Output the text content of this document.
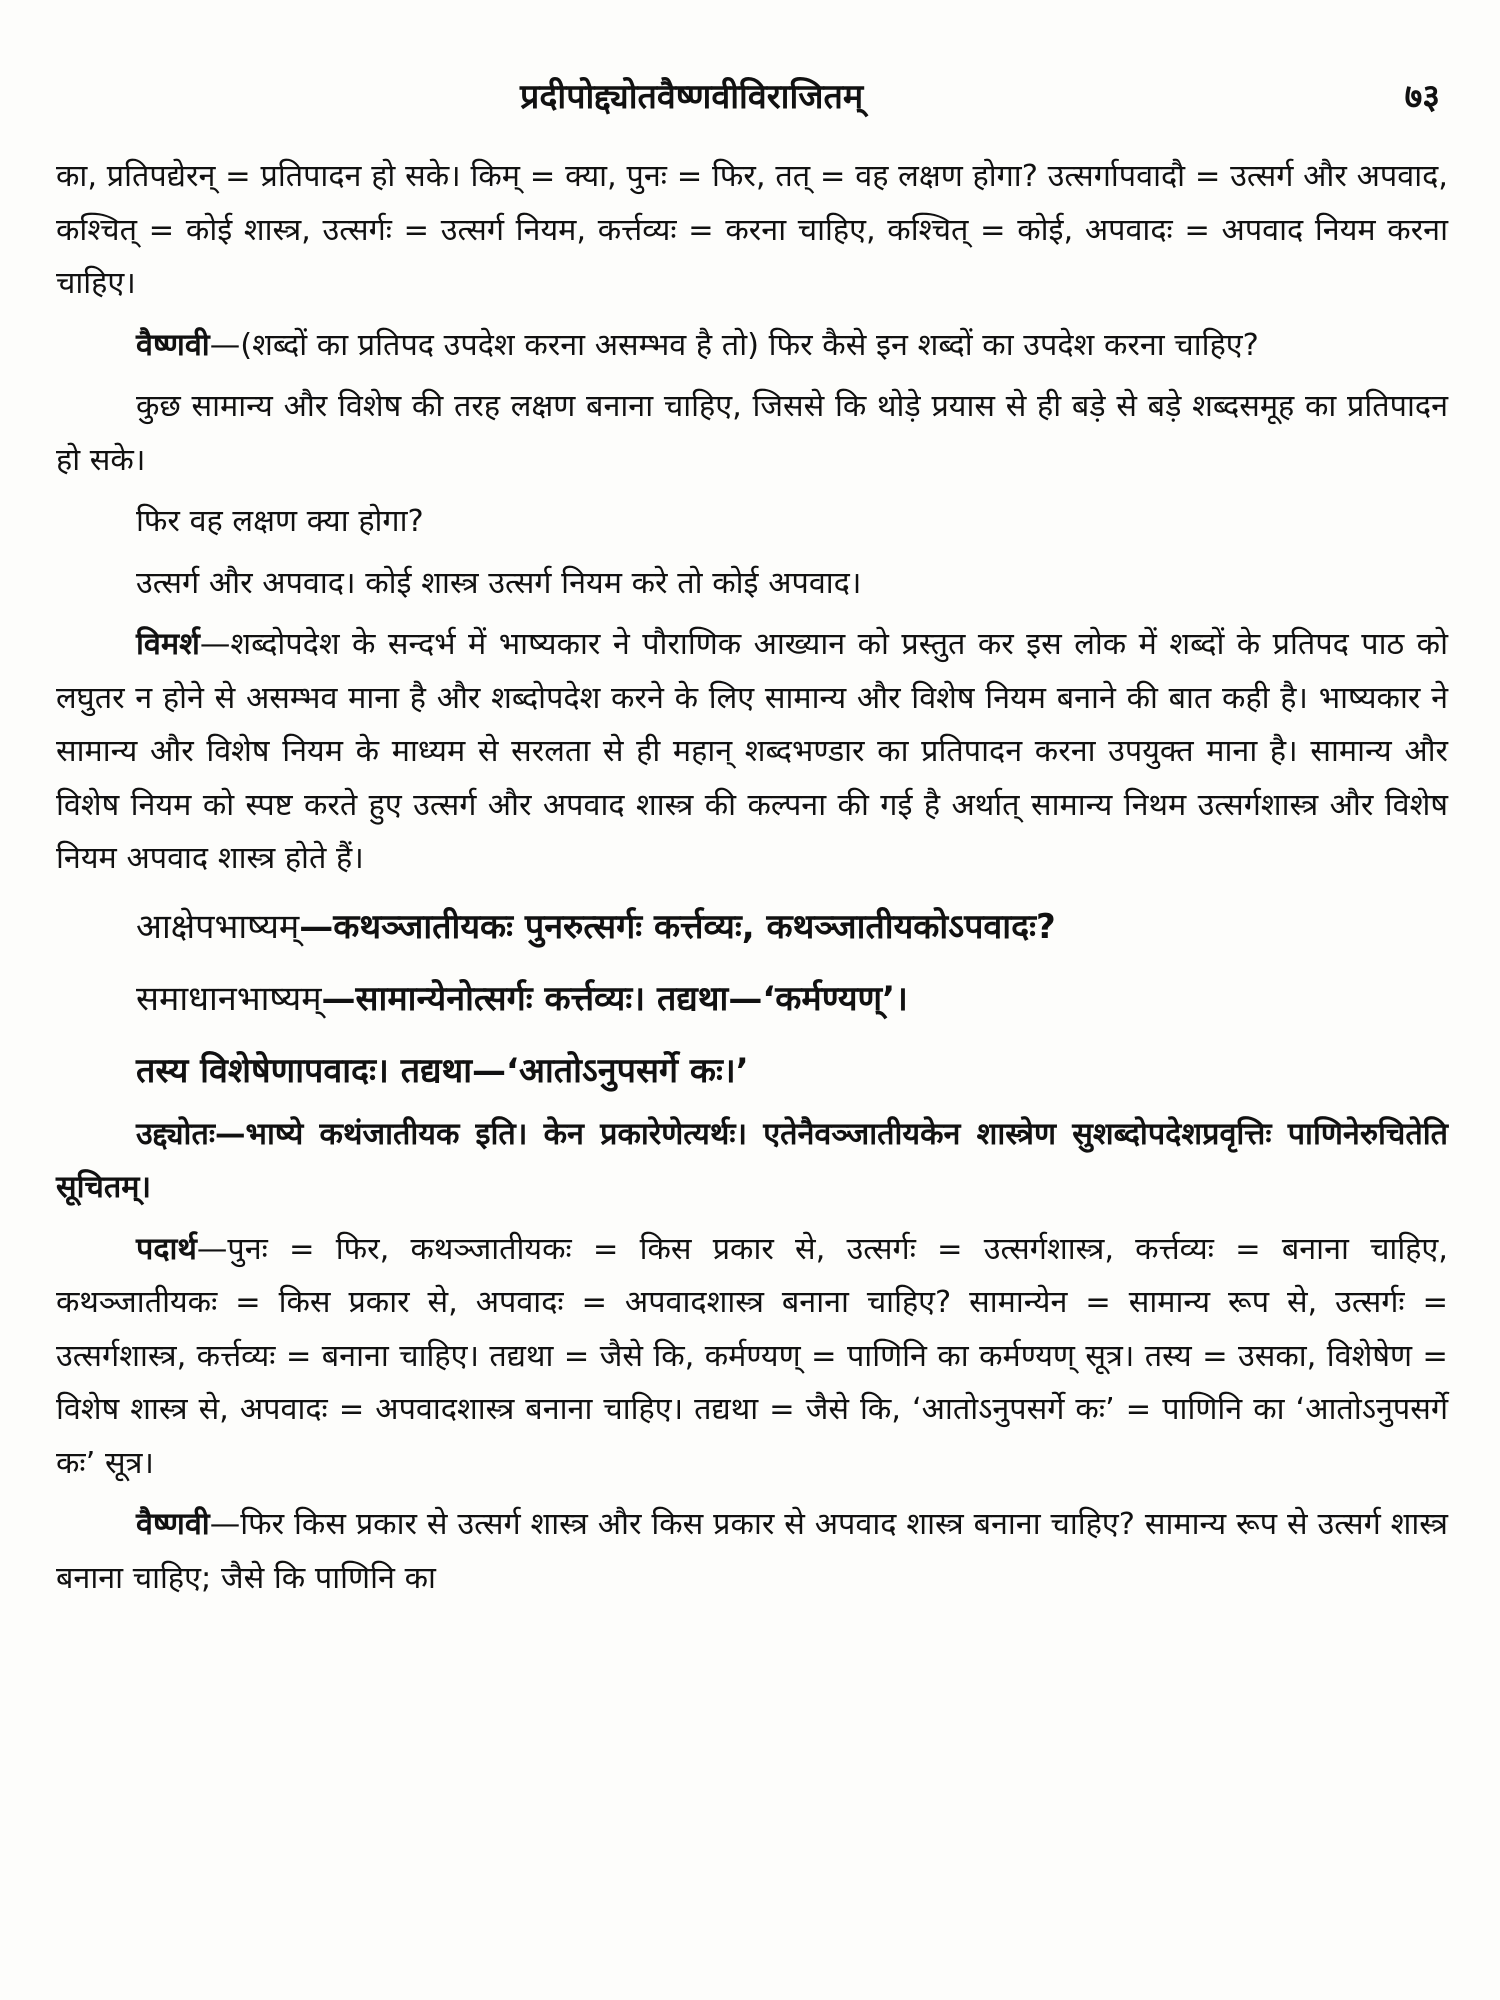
प्रदीपोद्द्योतवैष्णवीविराजितम्	७३

का, प्रतिपद्येरन् = प्रतिपादन हो सके। किम् = क्या, पुनः = फिर, तत् = वह लक्षण होगा? उत्सर्गापवादौ = उत्सर्ग और अपवाद, कश्चित् = कोई शास्त्र, उत्सर्गः = उत्सर्ग नियम, कर्त्तव्यः = करना चाहिए, कश्चित् = कोई, अपवादः = अपवाद नियम करना चाहिए।

वैष्णवी—(शब्दों का प्रतिपद उपदेश करना असम्भव है तो) फिर कैसे इन शब्दों का उपदेश करना चाहिए?

कुछ सामान्य और विशेष की तरह लक्षण बनाना चाहिए, जिससे कि थोड़े प्रयास से ही बड़े से बड़े शब्दसमूह का प्रतिपादन हो सके।

फिर वह लक्षण क्या होगा?

उत्सर्ग और अपवाद। कोई शास्त्र उत्सर्ग नियम करे तो कोई अपवाद।

विमर्श—शब्दोपदेश के सन्दर्भ में भाष्यकार ने पौराणिक आख्यान को प्रस्तुत कर इस लोक में शब्दों के प्रतिपद पाठ को लघुतर न होने से असम्भव माना है और शब्दोपदेश करने के लिए सामान्य और विशेष नियम बनाने की बात कही है। भाष्यकार ने सामान्य और विशेष नियम के माध्यम से सरलता से ही महान् शब्दभण्डार का प्रतिपादन करना उपयुक्त माना है। सामान्य और विशेष नियम को स्पष्ट करते हुए उत्सर्ग और अपवाद शास्त्र की कल्पना की गई है अर्थात् सामान्य निथम उत्सर्गशास्त्र और विशेष नियम अपवाद शास्त्र होते हैं।

आक्षेपभाष्यम्—कथञ्जातीयकः पुनरुत्सर्गः कर्त्तव्यः, कथञ्जातीयकोऽपवादः?

समाधानभाष्यम्—सामान्येनोत्सर्गः कर्त्तव्यः। तद्यथा—‘कर्मण्यण्’।

तस्य विशेषेणापवादः। तद्यथा—‘आतोऽनुपसर्गे कः।’

उद्द्योतः—भाष्ये कथंजातीयक इति। केन प्रकारेणेत्यर्थः। एतेनैवञ्जातीयकेन शास्त्रेण सुशब्दोपदेशप्रवृत्तिः पाणिनेरुचितेति सूचितम्।

पदार्थ—पुनः = फिर, कथञ्जातीयकः = किस प्रकार से, उत्सर्गः = उत्सर्गशास्त्र, कर्त्तव्यः = बनाना चाहिए, कथञ्जातीयकः = किस प्रकार से, अपवादः = अपवादशास्त्र बनाना चाहिए? सामान्येन = सामान्य रूप से, उत्सर्गः = उत्सर्गशास्त्र, कर्त्तव्यः = बनाना चाहिए। तद्यथा = जैसे कि, कर्मण्यण् = पाणिनि का कर्मण्यण् सूत्र। तस्य = उसका, विशेषेण = विशेष शास्त्र से, अपवादः = अपवादशास्त्र बनाना चाहिए। तद्यथा = जैसे कि, ‘आतोऽनुपसर्गे कः’ = पाणिनि का ‘आतोऽनुपसर्गे कः’ सूत्र।

वैष्णवी—फिर किस प्रकार से उत्सर्ग शास्त्र और किस प्रकार से अपवाद शास्त्र बनाना चाहिए? सामान्य रूप से उत्सर्ग शास्त्र बनाना चाहिए; जैसे कि पाणिनि का
